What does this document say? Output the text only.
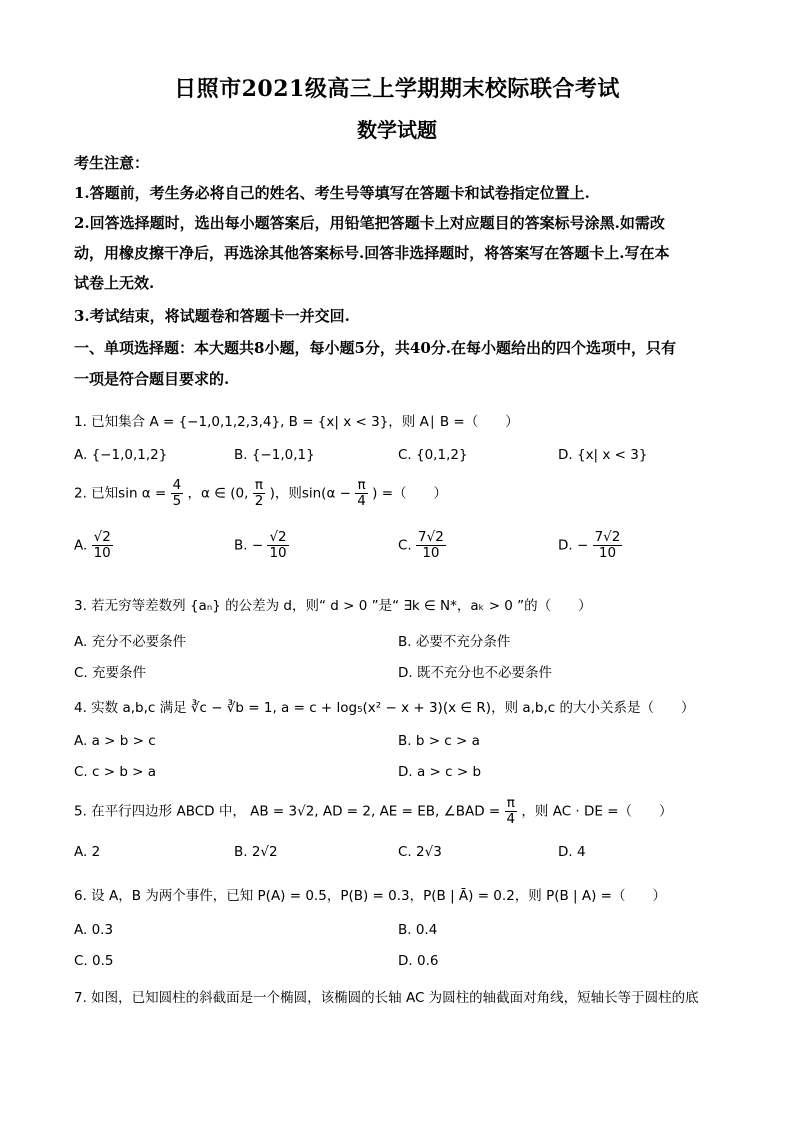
日照市2021级高三上学期期末校际联合考试
数学试题
考生注意：
1.答题前，考生务必将自己的姓名、考生号等填写在答题卡和试卷指定位置上.
2.回答选择题时，选出每小题答案后，用铅笔把答题卡上对应题目的答案标号涂黑.如需改
动，用橡皮擦干净后，再选涂其他答案标号.回答非选择题时，将答案写在答题卡上.写在本
试卷上无效.
3.考试结束，将试题卷和答题卡一并交回.
一、单项选择题：本大题共8小题，每小题5分，共40分.在每小题给出的四个选项中，只有
一项是符合题目要求的.
1. 已知集合 A = {−1,0,1,2,3,4}, B = {x| x < 3}，则 A∣ B =（　　）
A. {−1,0,1,2}	B. {−1,0,1}	C. {0,1,2}	D. {x| x < 3}
2. 已知$\sin \alpha = \frac{4}{5}$ ，α ∈ (0, $\frac{\pi}{2}$ )，则$\sin(\alpha - \frac{\pi}{4}$ ) =（　　）
A. $\frac{√2}{10}$	B. − $\frac{√2}{10}$	C. $\frac{7√2}{10}$	D. − $\frac{7√2}{10}$
3. 若无穷等差数列 {aₙ} 的公差为 d，则“ d > 0 ”是“ ∃k ∈ N*，aₖ > 0 ”的（　　）
A. 充分不必要条件	B. 必要不充分条件
C. 充要条件	D. 既不充分也不必要条件
4. 实数 a,b,c 满足 ∛c − ∛b = 1, a = c + log₅(x² − x + 3)(x ∈ R)，则 a,b,c 的大小关系是（　　）
A. a > b > c	B. b > c > a
C. c > b > a	D. a > c > b
5. 在平行四边形 ABCD 中， AB = 3√2, AD = 2, AE = EB, ∠BAD = $\frac{\pi}{4}$ ，则 AC · DE =（　　）
A. 2	B. 2√2	C. 2√3	D. 4
6. 设 A，B 为两个事件，已知 P(A) = 0.5，P(B) = 0.3，P(B | Ā) = 0.2，则 P(B | A) =（　　）
A. 0.3	B. 0.4
C. 0.5	D. 0.6
7. 如图，已知圆柱的斜截面是一个椭圆，该椭圆的长轴 AC 为圆柱的轴截面对角线，短轴长等于圆柱的底
